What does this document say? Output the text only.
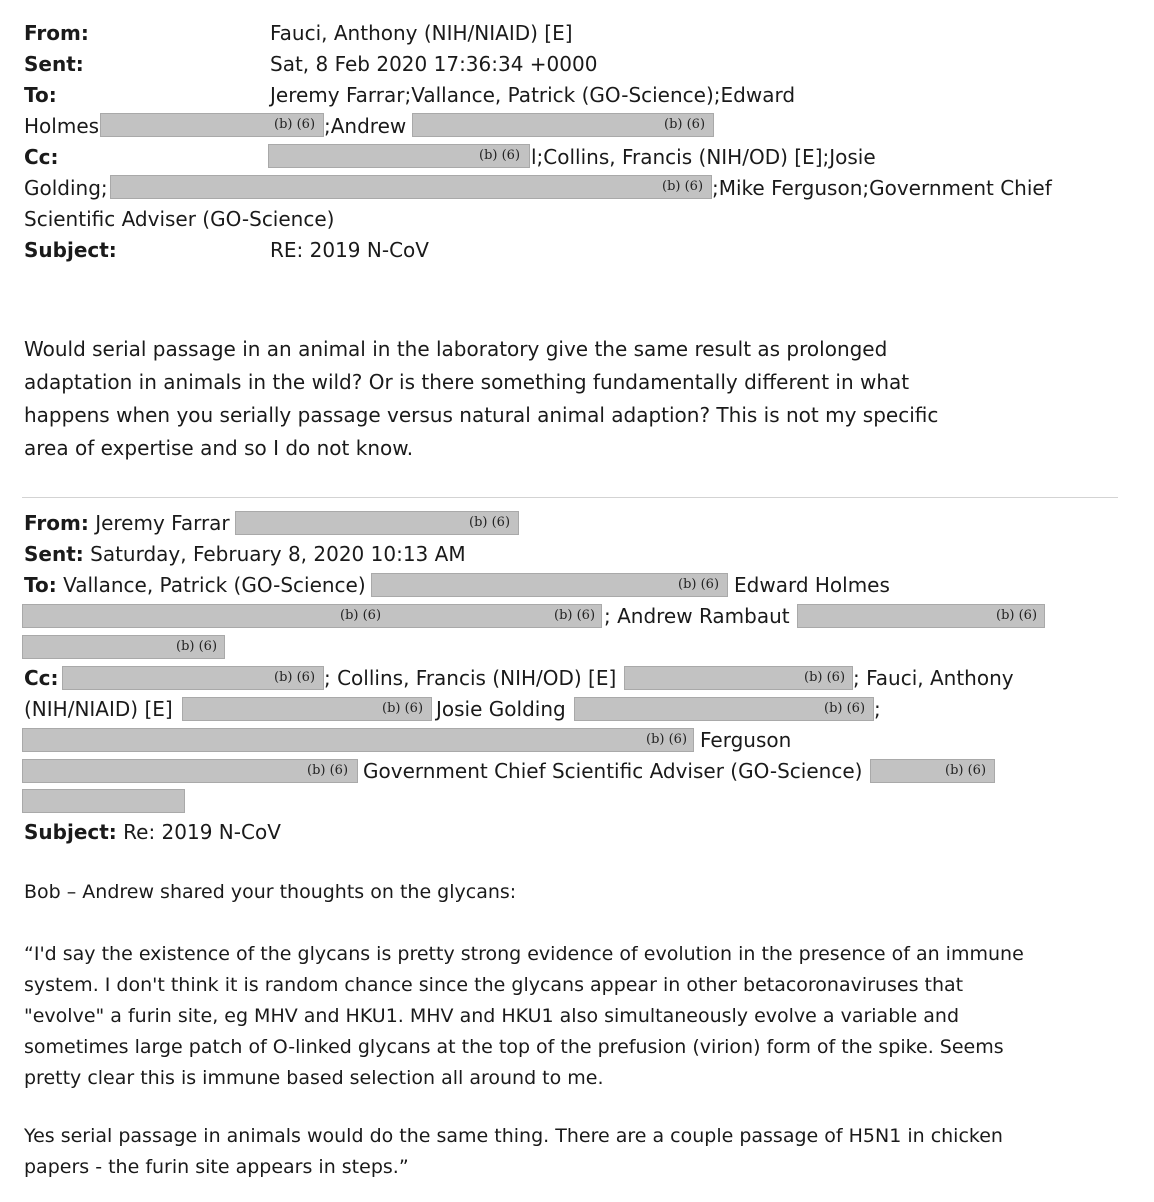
From:	Fauci, Anthony (NIH/NIAID) [E]
Sent:	Sat, 8 Feb 2020 17:36:34 +0000
To:	Jeremy Farrar;Vallance, Patrick (GO-Science);Edward
Holmes	(b) (6) ;Andrew	(b) (6)
Cc:	(b) (6) l;Collins, Francis (NIH/OD) [E];Josie
Golding;	(b) (6) ;Mike Ferguson;Government Chief
Scientific Adviser (GO-Science)
Subject:	RE: 2019 N-CoV
Would serial passage in an animal in the laboratory give the same result as prolonged
adaptation in animals in the wild? Or is there something fundamentally different in what
happens when you serially passage versus natural animal adaption? This is not my specific
area of expertise and so I do not know.
From: Jeremy Farrar	(b) (6)
Sent: Saturday, February 8, 2020 10:13 AM
To: Vallance, Patrick (GO-Science)	(b) (6) Edward Holmes
(b) (6)	(b) (6) ; Andrew Rambaut	(b) (6)
(b) (6)
Cc:	(b) (6) ; Collins, Francis (NIH/OD) [E]	(b) (6) ; Fauci, Anthony
(NIH/NIAID) [E]	(b) (6) Josie Golding	(b) (6) ;
(b) (6) Ferguson
(b) (6) Government Chief Scientific Adviser (GO-Science)	(b) (6)
Subject: Re: 2019 N-CoV
Bob – Andrew shared your thoughts on the glycans:
“I'd say the existence of the glycans is pretty strong evidence of evolution in the presence of an immune
system. I don't think it is random chance since the glycans appear in other betacoronaviruses that
"evolve" a furin site, eg MHV and HKU1. MHV and HKU1 also simultaneously evolve a variable and
sometimes large patch of O-linked glycans at the top of the prefusion (virion) form of the spike. Seems
pretty clear this is immune based selection all around to me.
Yes serial passage in animals would do the same thing. There are a couple passage of H5N1 in chicken
papers - the furin site appears in steps.”
